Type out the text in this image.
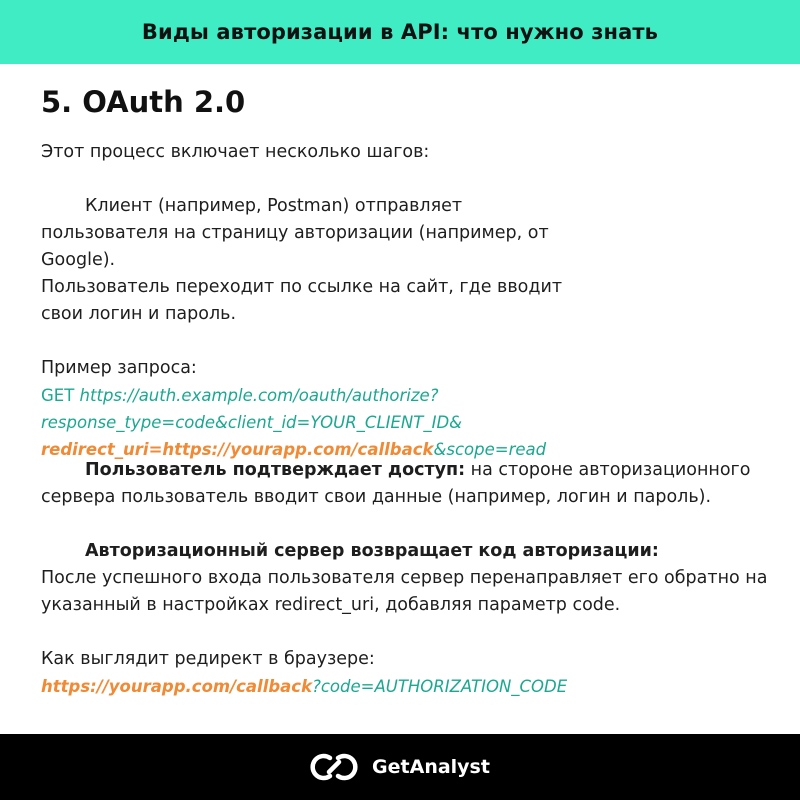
Виды авторизации в API: что нужно знать
5. OAuth 2.0

Этот процесс включает несколько шагов:

Клиент (например, Postman) отправляет пользователя на страницу авторизации (например, от Google).

Пользователь переходит по ссылке на сайт, где вводит свои логин и пароль.

Пример запроса:

GET https://auth.example.com/oauth/authorize?

response_type=code&client_id=YOUR_CLIENT_ID&

redirect_uri=https://yourapp.com/callback&scope=read

Пользователь подтверждает доступ: на стороне авторизационного сервера пользователь вводит свои данные (например, логин и пароль).

Авторизационный сервер возвращает код авторизации:

После успешного входа пользователя сервер перенаправляет его обратно на указанный в настройках redirect_uri, добавляя параметр code.

Как выглядит редирект в браузере:

https://yourapp.com/callback?code=AUTHORIZATION_CODE

GetAnalyst
